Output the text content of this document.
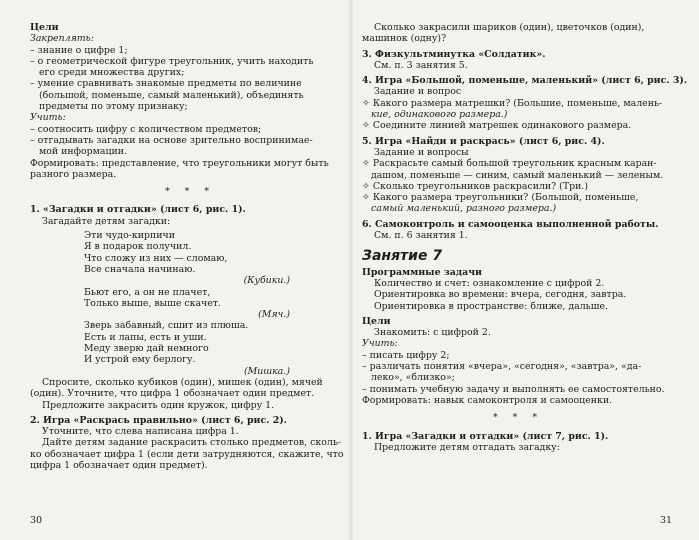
Цели
Закреплять:
– знание о цифре 1;
– о геометрической фигуре треугольник, учить находить
его среди множества других;
– умение сравнивать знакомые предметы по величине
(большой, поменьше, самый маленький), объединять
предметы по этому признаку;
Учить:
– соотносить цифру с количеством предметов;
– отгадывать загадки на основе зрительно воспринимае-
мой информации.
Формировать: представление, что треугольники могут быть
разного размера.
* * *
1. «Загадки и отгадки» (лист 6, рис. 1).
Загадайте детям загадки:
Эти чудо-кирпичи
Я в подарок получил.
Что сложу из них — сломаю,
Все сначала начинаю.
(Кубики.)
Бьют его, а он не плачет,
Только выше, выше скачет.
(Мяч.)
Зверь забавный, сшит из плюша.
Есть и лапы, есть и уши.
Меду зверю дай немного
И устрой ему берлогу.
(Мишка.)
Спросите, сколько кубиков (один), мишек (один), мячей
(один). Уточните, что цифра 1 обозначает один предмет.
Предложите закрасить один кружок, цифру 1.
2. Игра «Раскрась правильно» (лист 6, рис. 2).
Уточните, что слева написана цифра 1.
Дайте детям задание раскрасить столько предметов, сколь-
ко обозначает цифра 1 (если дети затрудняются, скажите, что
цифра 1 обозначает один предмет).
Сколько закрасили шариков (один), цветочков (один),
машинок (одну)?
3. Физкультминутка «Солдатик».
См. п. 3 занятия 5.
4. Игра «Большой, поменьше, маленький» (лист 6, рис. 3).
Задание и вопрос
✧ Какого размера матрешки? (Большие, поменьше, малень-
кие, одинакового размера.)
✧ Соедините линией матрешек одинакового размера.
5. Игра «Найди и раскрась» (лист 6, рис. 4).
Задание и вопросы
✧ Раскрасьте самый большой треугольник красным каран-
дашом, поменьше — синим, самый маленький — зеленым.
✧ Сколько треугольников раскрасили? (Три.)
✧ Какого размера треугольники? (Большой, поменьше,
самый маленький, разного размера.)
6. Самоконтроль и самооценка выполненной работы.
См. п. 6 занятия 1.
Занятие 7
Программные задачи
Количество и счет: ознакомление с цифрой 2.
Ориентировка во времени: вчера, сегодня, завтра.
Ориентировка в пространстве: ближе, дальше.
Цели
Знакомить: с цифрой 2.
Учить:
– писать цифру 2;
– различать понятия «вчера», «сегодня», «завтра», «да-
леко», «близко»;
– понимать учебную задачу и выполнять ее самостоятельно.
Формировать: навык самоконтроля и самооценки.
* * *
1. Игра «Загадки и отгадки» (лист 7, рис. 1).
Предложите детям отгадать загадку:
30	31
